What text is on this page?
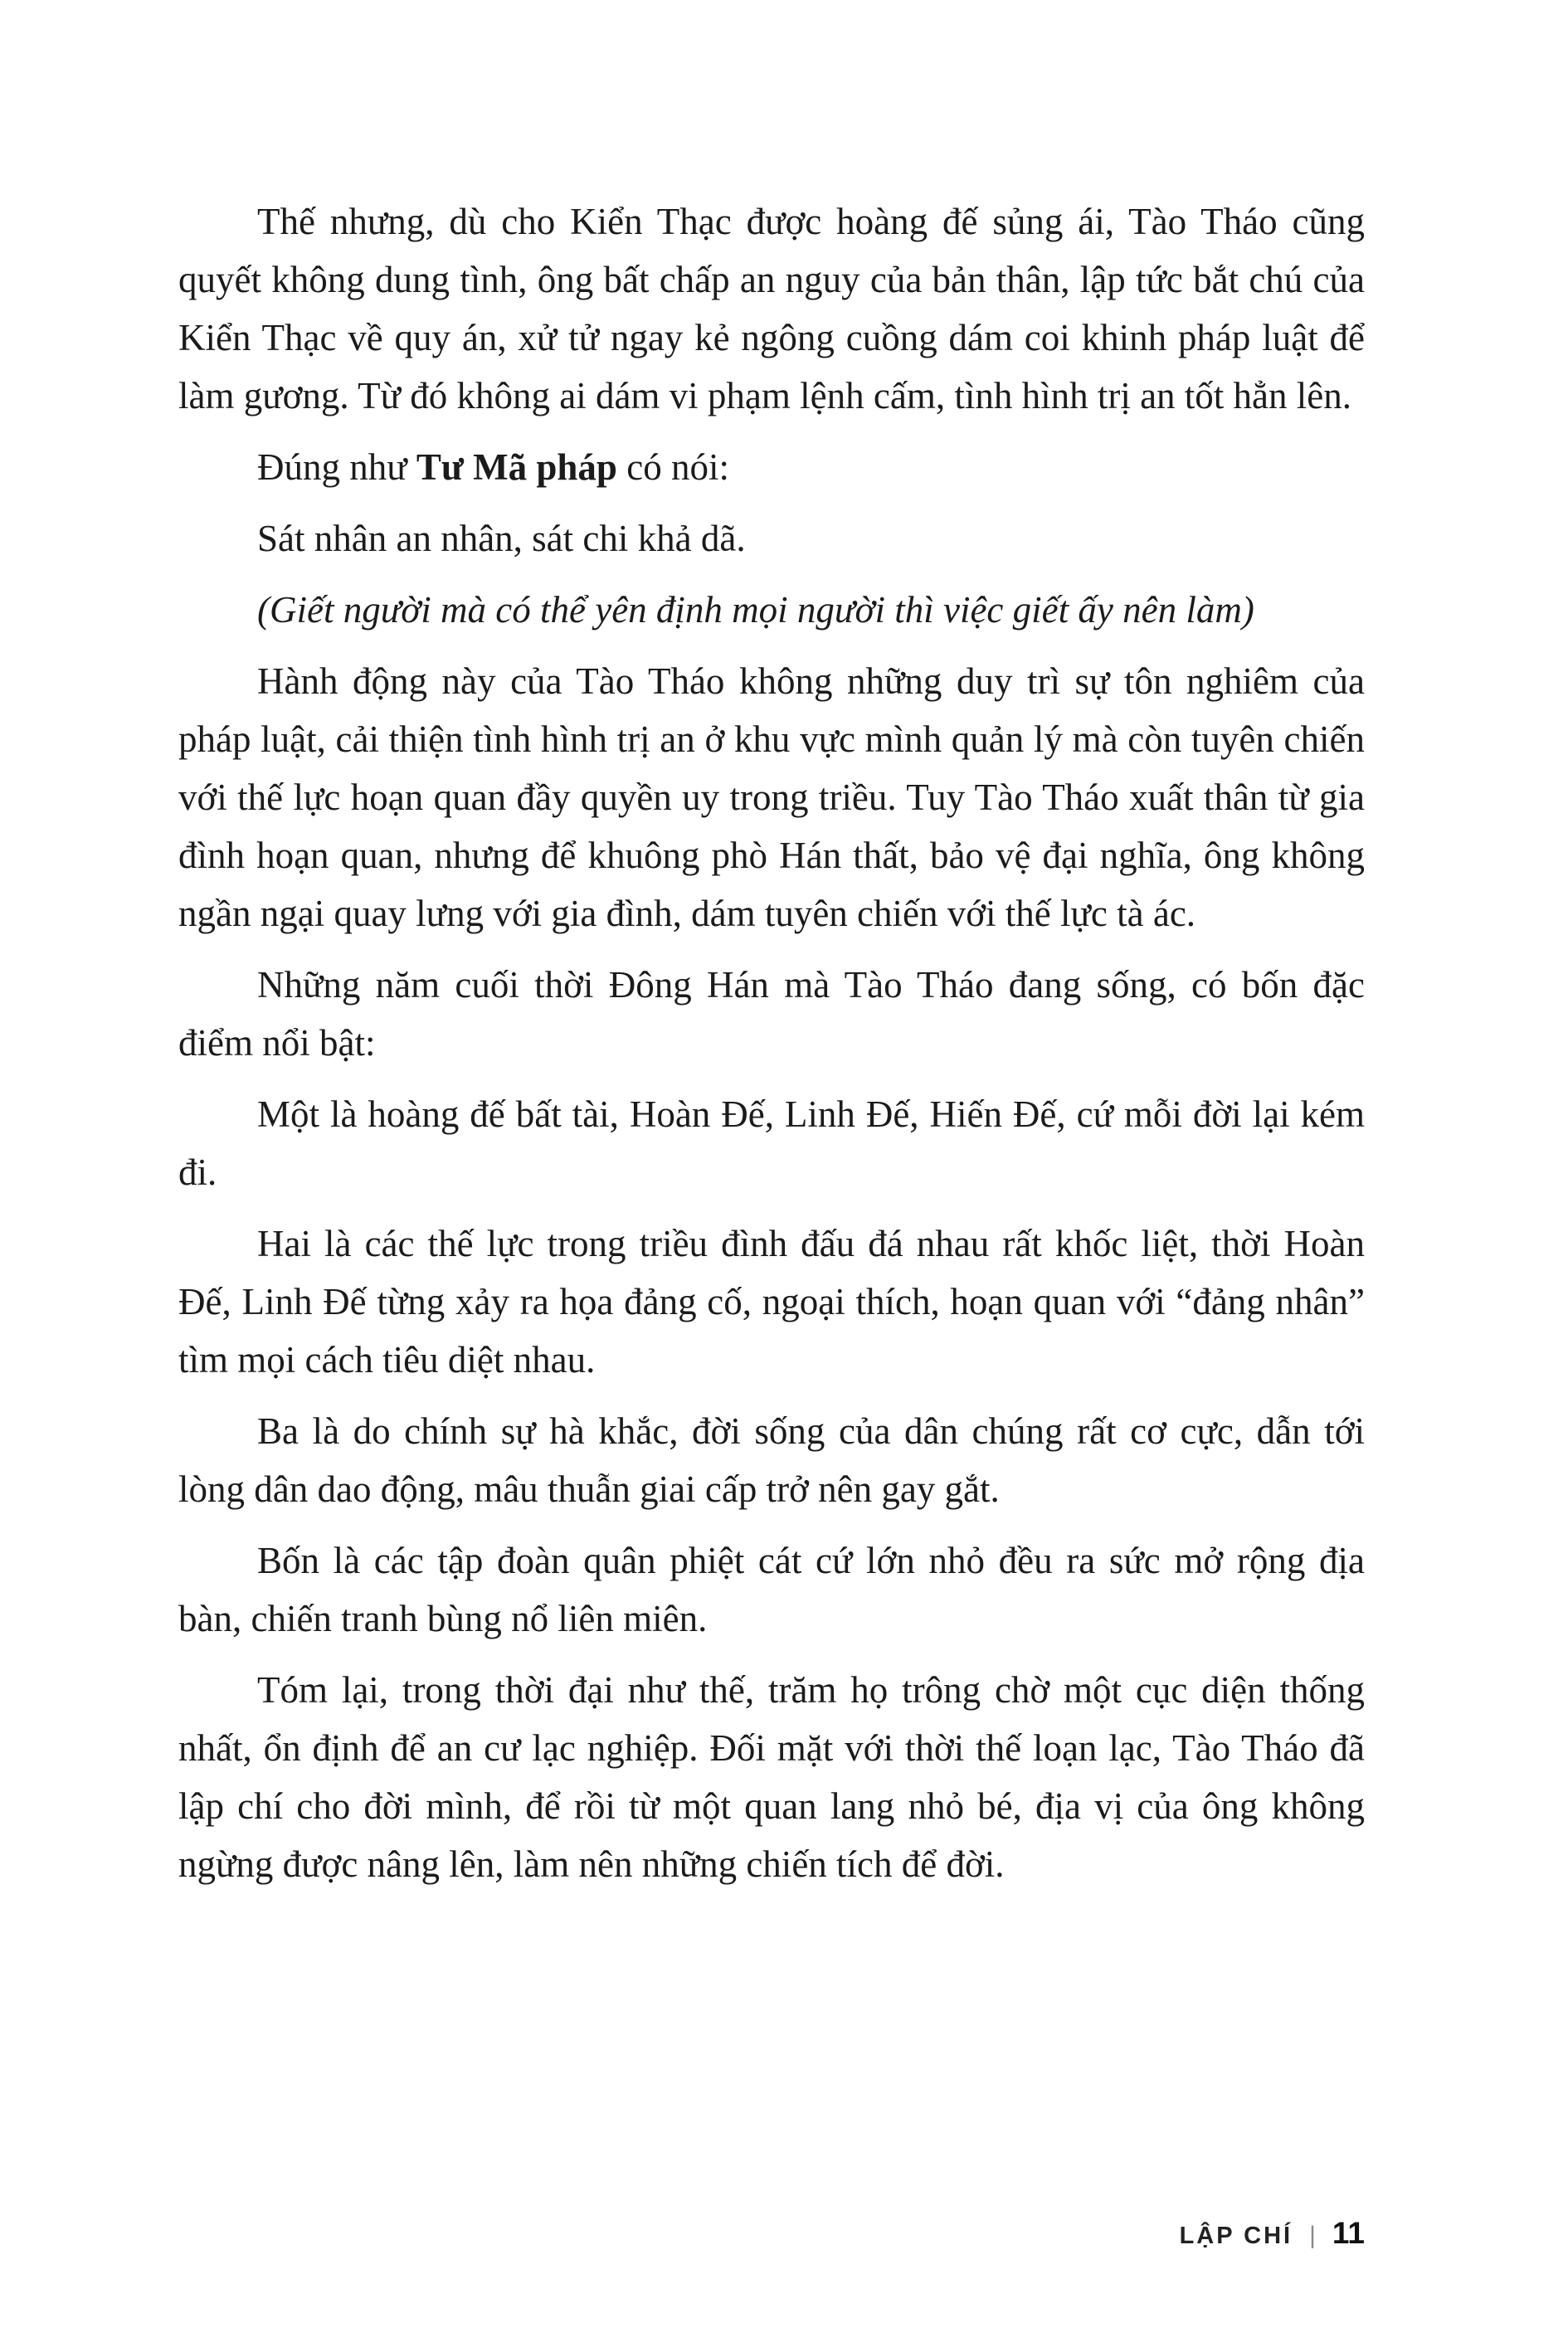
Thế nhưng, dù cho Kiển Thạc được hoàng đế sủng ái, Tào Tháo cũng quyết không dung tình, ông bất chấp an nguy của bản thân, lập tức bắt chú của Kiển Thạc về quy án, xử tử ngay kẻ ngông cuồng dám coi khinh pháp luật để làm gương. Từ đó không ai dám vi phạm lệnh cấm, tình hình trị an tốt hẳn lên.

Đúng như Tư Mã pháp có nói:

Sát nhân an nhân, sát chi khả dã.

(Giết người mà có thể yên định mọi người thì việc giết ấy nên làm)

Hành động này của Tào Tháo không những duy trì sự tôn nghiêm của pháp luật, cải thiện tình hình trị an ở khu vực mình quản lý mà còn tuyên chiến với thế lực hoạn quan đầy quyền uy trong triều. Tuy Tào Tháo xuất thân từ gia đình hoạn quan, nhưng để khuông phò Hán thất, bảo vệ đại nghĩa, ông không ngần ngại quay lưng với gia đình, dám tuyên chiến với thế lực tà ác.

Những năm cuối thời Đông Hán mà Tào Tháo đang sống, có bốn đặc điểm nổi bật:

Một là hoàng đế bất tài, Hoàn Đế, Linh Đế, Hiến Đế, cứ mỗi đời lại kém đi.

Hai là các thế lực trong triều đình đấu đá nhau rất khốc liệt, thời Hoàn Đế, Linh Đế từng xảy ra họa đảng cố, ngoại thích, hoạn quan với “đảng nhân” tìm mọi cách tiêu diệt nhau.

Ba là do chính sự hà khắc, đời sống của dân chúng rất cơ cực, dẫn tới lòng dân dao động, mâu thuẫn giai cấp trở nên gay gắt.

Bốn là các tập đoàn quân phiệt cát cứ lớn nhỏ đều ra sức mở rộng địa bàn, chiến tranh bùng nổ liên miên.

Tóm lại, trong thời đại như thế, trăm họ trông chờ một cục diện thống nhất, ổn định để an cư lạc nghiệp. Đối mặt với thời thế loạn lạc, Tào Tháo đã lập chí cho đời mình, để rồi từ một quan lang nhỏ bé, địa vị của ông không ngừng được nâng lên, làm nên những chiến tích để đời.

LẬP CHÍ | 11
